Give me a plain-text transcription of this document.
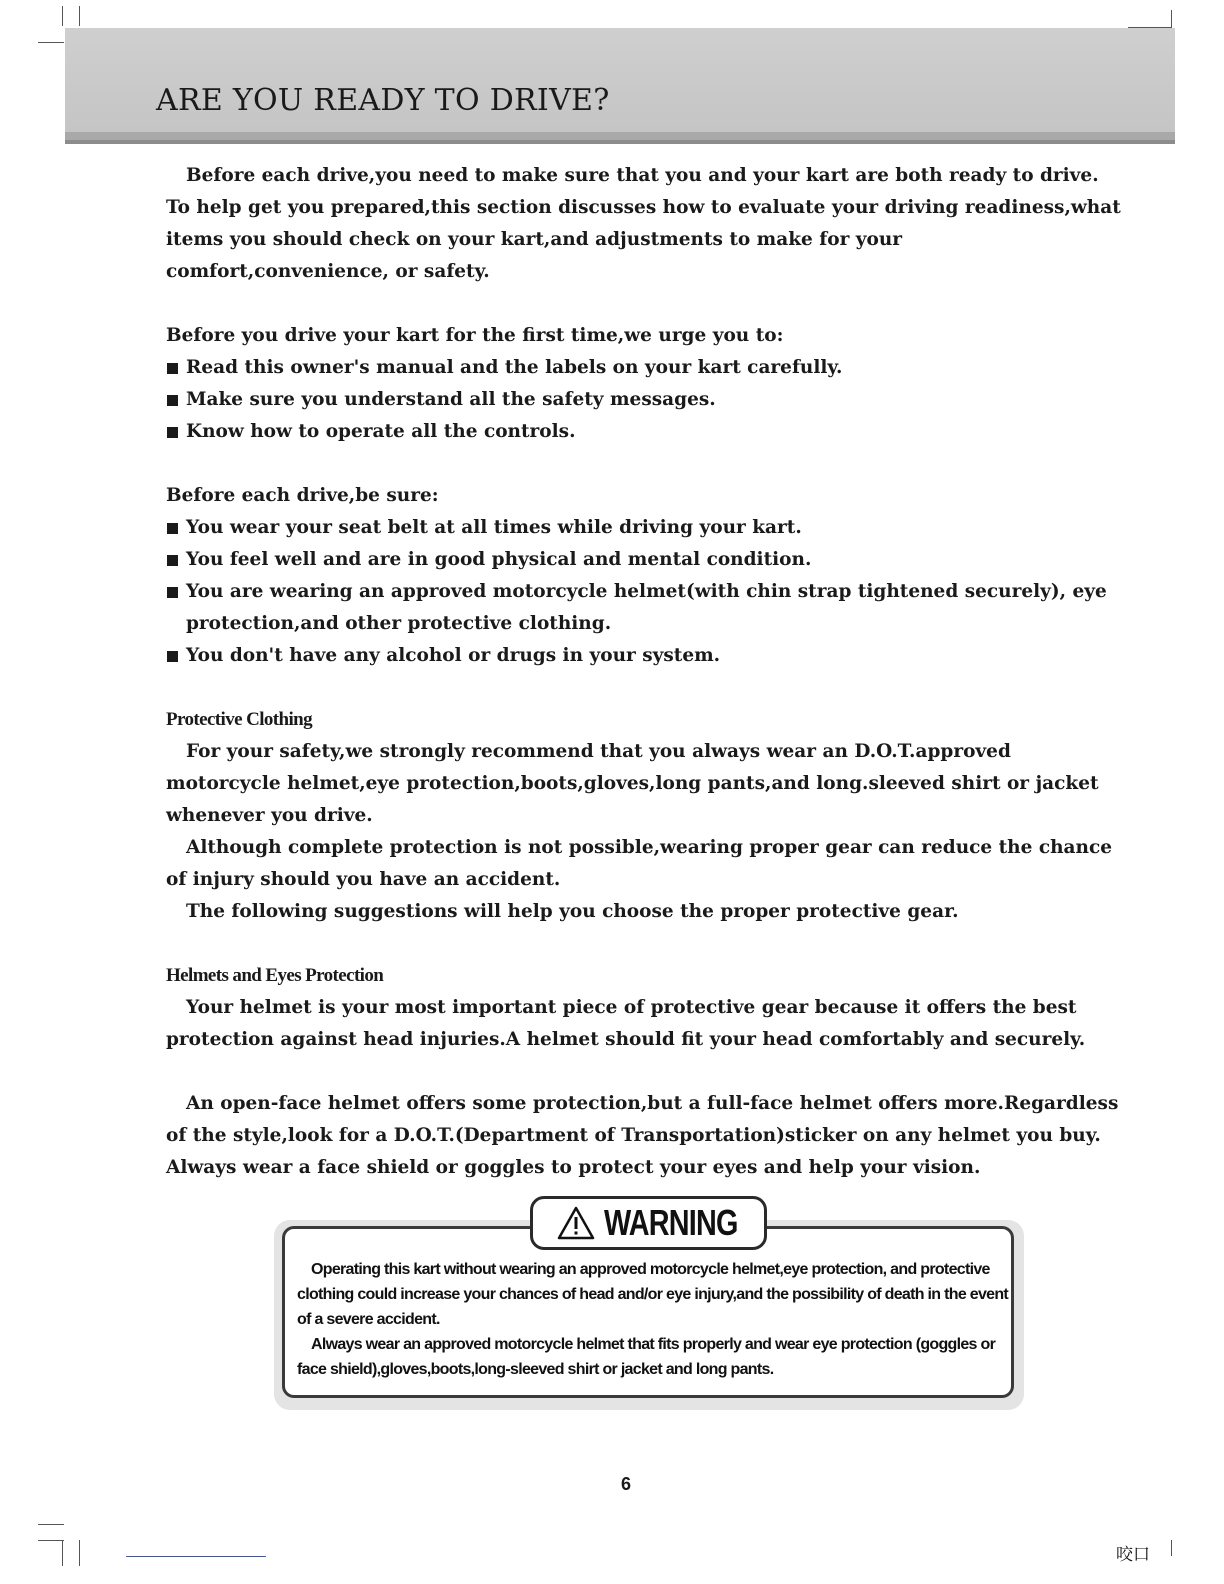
ARE YOU READY TO DRIVE?

Before each drive,you need to make sure that you and your kart are both ready to drive. To help get you prepared,this section discusses how to evaluate your driving readiness,what items you should check on your kart,and adjustments to make for your comfort,convenience, or safety.

Before you drive your kart for the first time,we urge you to:

Read this owner's manual and the labels on your kart carefully.

Make sure you understand all the safety messages.

Know how to operate all the controls.

Before each drive,be sure:

You wear your seat belt at all times while driving your kart.

You feel well and are in good physical and mental condition.

You are wearing an approved motorcycle helmet(with chin strap tightened securely), eye protection,and other protective clothing.

You don't have any alcohol or drugs in your system.

Protective Clothing

For your safety,we strongly recommend that you always wear an D.O.T.approved motorcycle helmet,eye protection,boots,gloves,long pants,and long.sleeved shirt or jacket whenever you drive.

Although complete protection is not possible,wearing proper gear can reduce the chance of injury should you have an accident.

The following suggestions will help you choose the proper protective gear.

Helmets and Eyes Protection

Your helmet is your most important piece of protective gear because it offers the best protection against head injuries.A helmet should fit your head comfortably and securely.

An open-face helmet offers some protection,but a full-face helmet offers more.Regardless of the style,look for a D.O.T.(Department of Transportation)sticker on any helmet you buy. Always wear a face shield or goggles to protect your eyes and help your vision.

Operating this kart without wearing an approved motorcycle helmet,eye protection, and protective clothing could increase your chances of head and/or eye injury,and the possibility of death in the event of a severe accident.

Always wear an approved motorcycle helmet that fits properly and wear eye protection (goggles or face shield),gloves,boots,long-sleeved shirt or jacket and long pants.

WARNING
6
咬口
